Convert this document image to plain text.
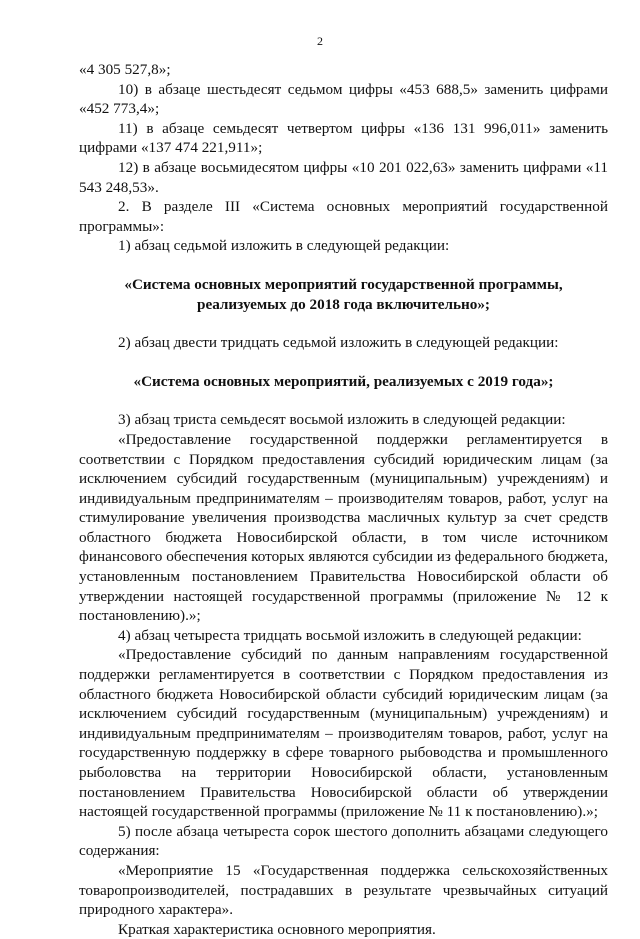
2

«4 305 527,8»;

10) в абзаце шестьдесят седьмом цифры «453 688,5» заменить цифрами «452 773,4»;

11) в абзаце семьдесят четвертом цифры «136 131 996,011» заменить цифрами «137 474 221,911»;

12) в абзаце восьмидесятом цифры «10 201 022,63» заменить цифрами «11 543 248,53».

2. В разделе III «Система основных мероприятий государственной программы»:

1) абзац седьмой изложить в следующей редакции:

«Система основных мероприятий государственной программы, реализуемых до 2018 года включительно»;

2) абзац двести тридцать седьмой изложить в следующей редакции:

«Система основных мероприятий, реализуемых с 2019 года»;

3) абзац триста семьдесят восьмой изложить в следующей редакции:

«Предоставление государственной поддержки регламентируется в соответствии с Порядком предоставления субсидий юридическим лицам (за исключением субсидий государственным (муниципальным) учреждениям) и индивидуальным предпринимателям – производителям товаров, работ, услуг на стимулирование увеличения производства масличных культур за счет средств областного бюджета Новосибирской области, в том числе источником финансового обеспечения которых являются субсидии из федерального бюджета, установленным постановлением Правительства Новосибирской области об утверждении настоящей государственной программы (приложение № 12 к постановлению).»;

4) абзац четыреста тридцать восьмой изложить в следующей редакции:

«Предоставление субсидий по данным направлениям государственной поддержки регламентируется в соответствии с Порядком предоставления из областного бюджета Новосибирской области субсидий юридическим лицам (за исключением субсидий государственным (муниципальным) учреждениям) и индивидуальным предпринимателям – производителям товаров, работ, услуг на государственную поддержку в сфере товарного рыбоводства и промышленного рыболовства на территории Новосибирской области, установленным постановлением Правительства Новосибирской области об утверждении настоящей государственной программы (приложение № 11 к постановлению).»;

5) после абзаца четыреста сорок шестого дополнить абзацами следующего содержания:

«Мероприятие 15 «Государственная поддержка сельскохозяйственных товаропроизводителей, пострадавших в результате чрезвычайных ситуаций природного характера».

Краткая характеристика основного мероприятия.
